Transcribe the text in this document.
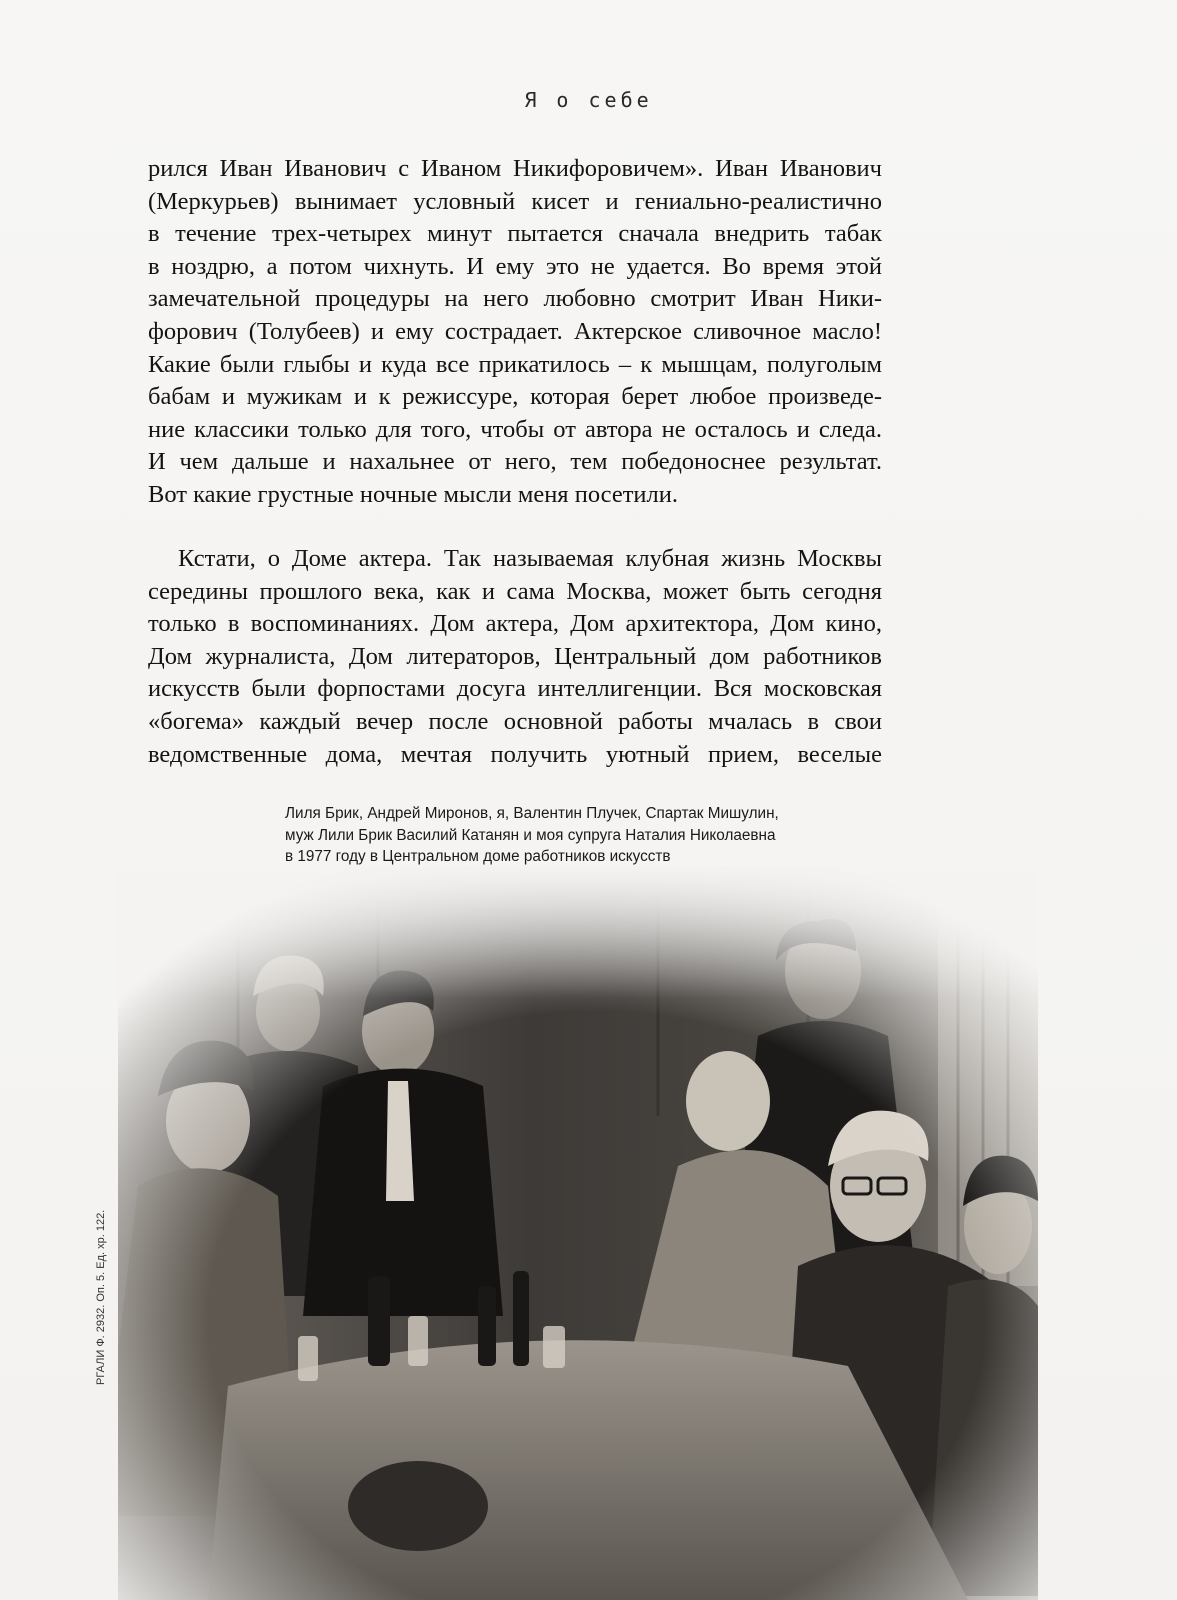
Я о себе
рился Иван Иванович с Иваном Никифоровичем». Иван Иванович
(Меркурьев) вынимает условный кисет и гениально-реалистично
в течение трех-четырех минут пытается сначала внедрить табак
в ноздрю, а потом чихнуть. И ему это не удается. Во время этой
замечательной процедуры на него любовно смотрит Иван Ники-
форович (Толубеев) и ему сострадает. Актерское сливочное масло!
Какие были глыбы и куда все прикатилось – к мышцам, полуголым
бабам и мужикам и к режиссуре, которая берет любое произведе-
ние классики только для того, чтобы от автора не осталось и следа.
И чем дальше и нахальнее от него, тем победоноснее результат.
Вот какие грустные ночные мысли меня посетили.
Кстати, о Доме актера. Так называемая клубная жизнь Москвы
середины прошлого века, как и сама Москва, может быть сегодня
только в воспоминаниях. Дом актера, Дом архитектора, Дом кино,
Дом журналиста, Дом литераторов, Центральный дом работников
искусств были форпостами досуга интеллигенции. Вся московская
«богема» каждый вечер после основной работы мчалась в свои
ведомственные дома, мечтая получить уютный прием, веселые
Лиля Брик, Андрей Миронов, я, Валентин Плучек, Спартак Мишулин,
муж Лили Брик Василий Катанян и моя супруга Наталия Николаевна
в 1977 году в Центральном доме работников искусств
РГАЛИ Ф. 2932. Оп. 5. Ед. хр. 122.
